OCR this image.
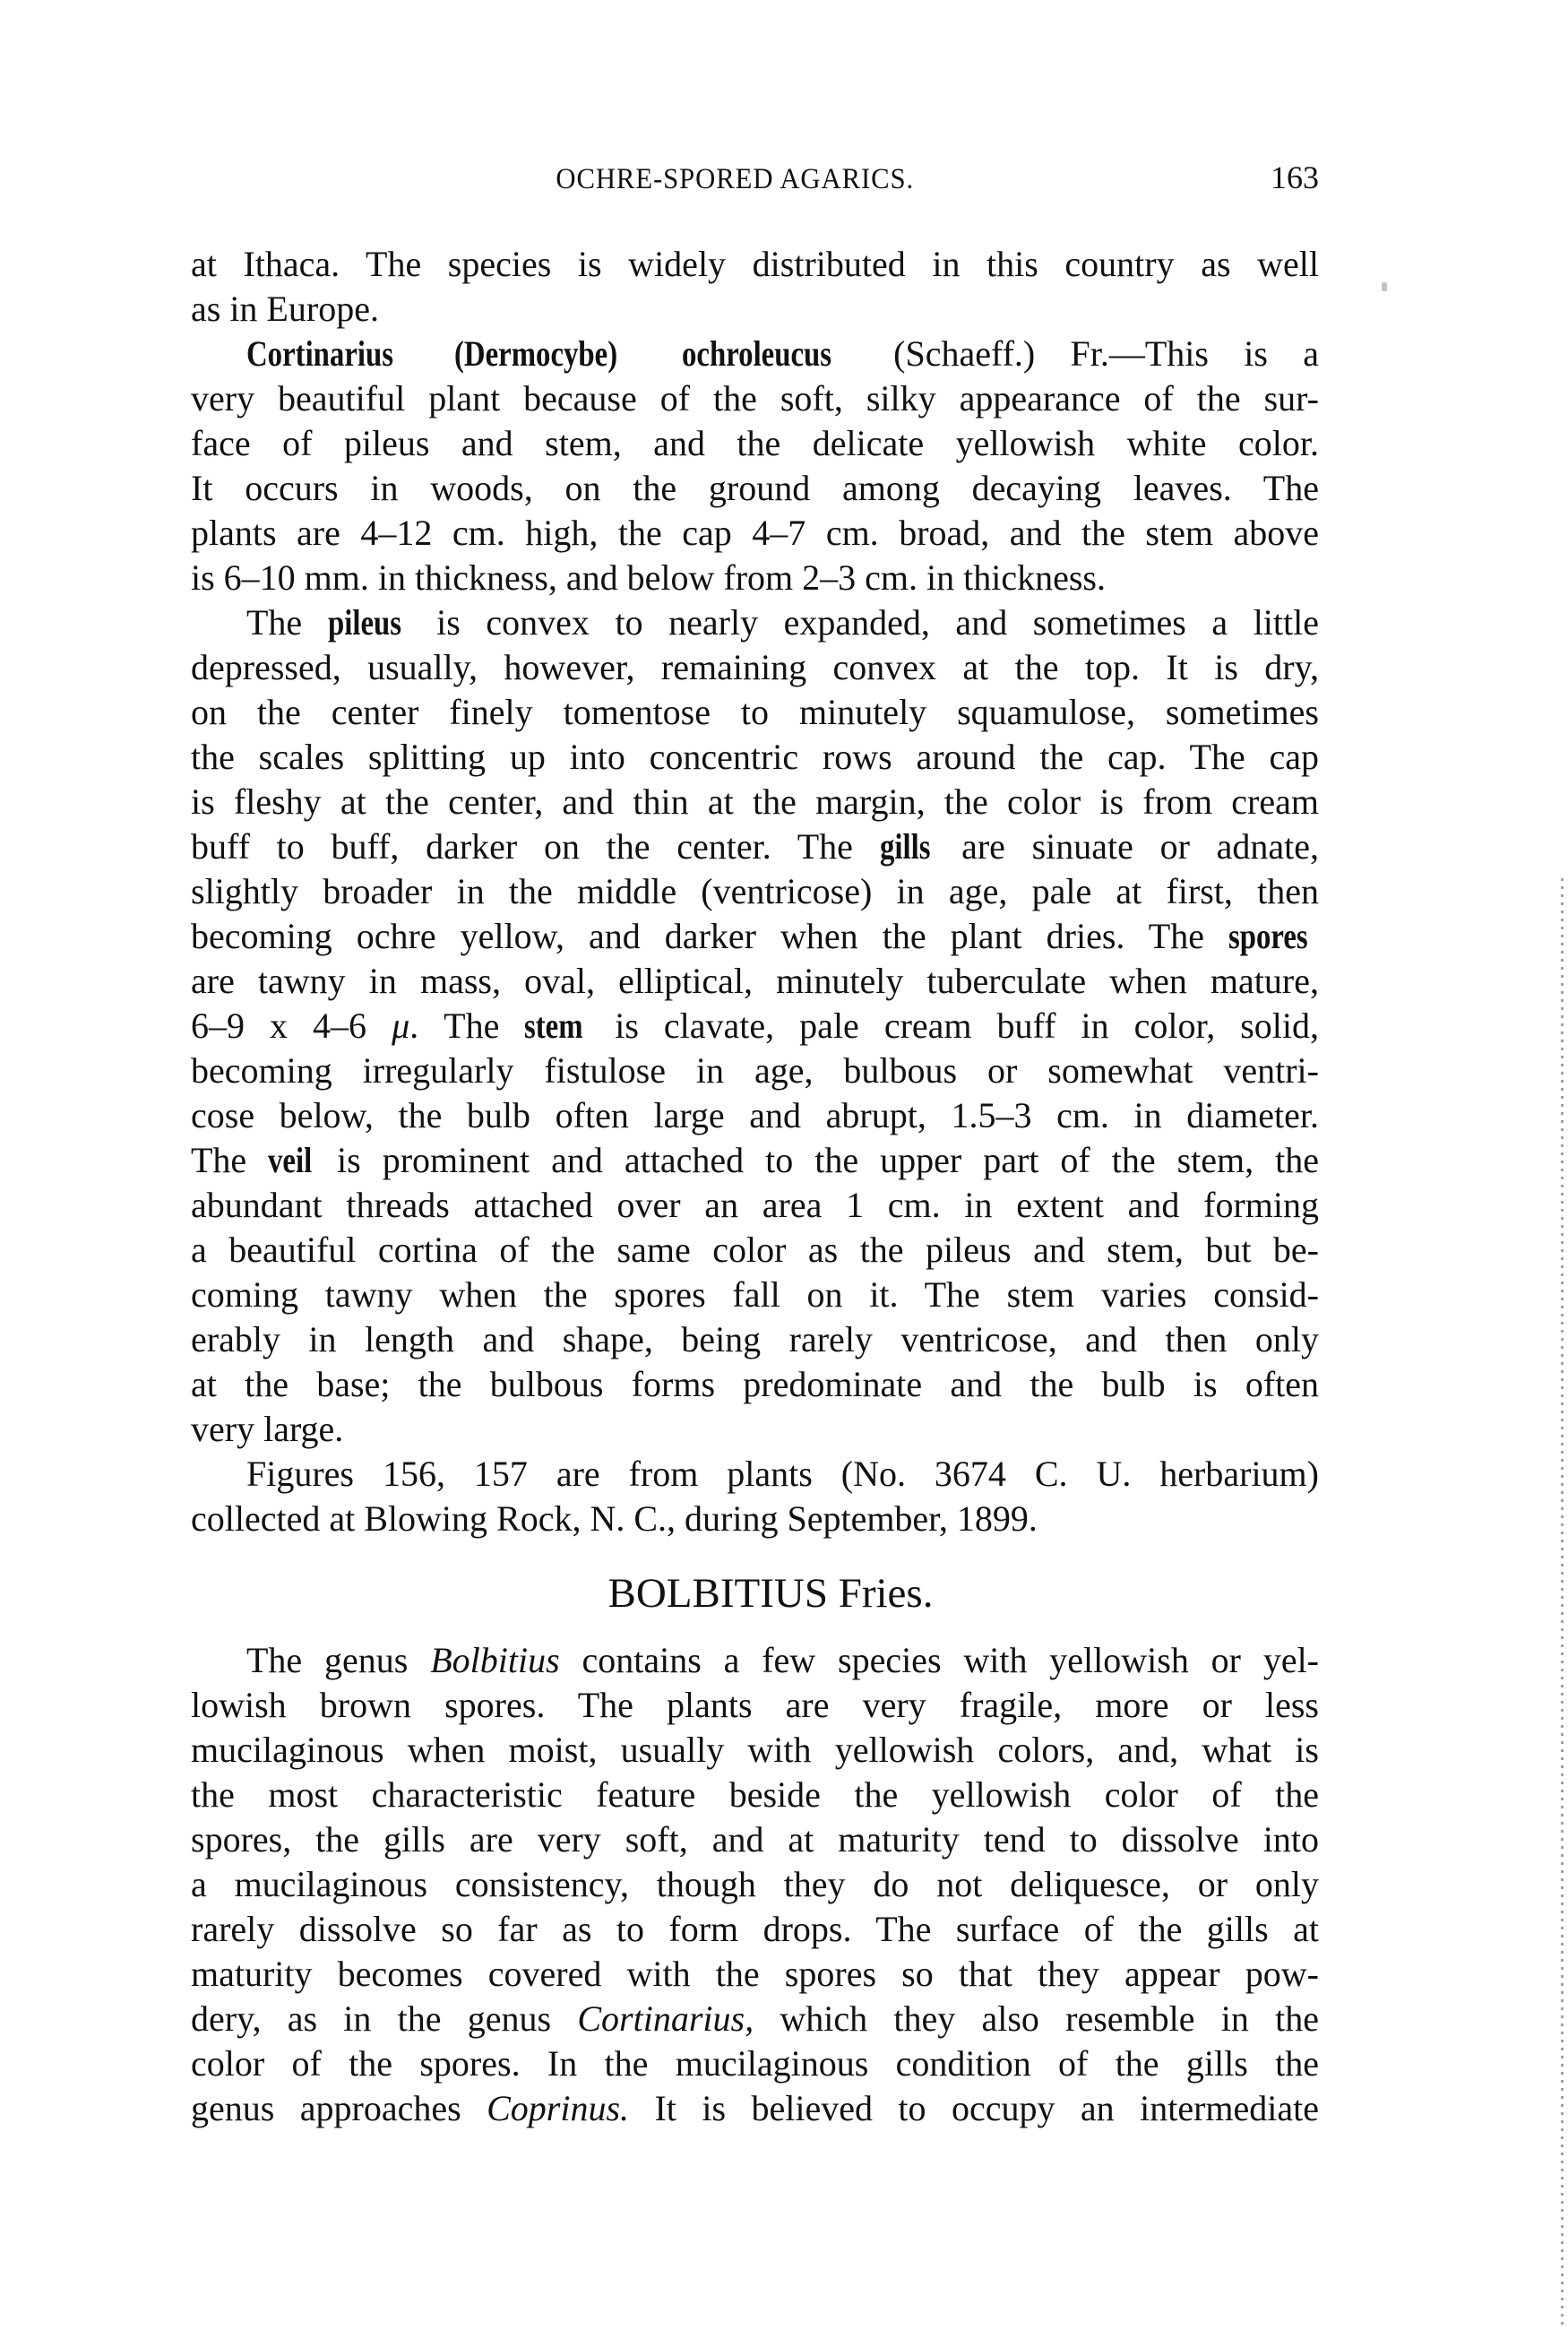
OCHRE-SPORED AGARICS.	163
at Ithaca. The species is widely distributed in this country as well
as in Europe.
Cortinarius (Dermocybe) ochroleucus (Schaeff.) Fr.—This is a
very beautiful plant because of the soft, silky appearance of the sur-
face of pileus and stem, and the delicate yellowish white color.
It occurs in woods, on the ground among decaying leaves. The
plants are 4–12 cm. high, the cap 4–7 cm. broad, and the stem above
is 6–10 mm. in thickness, and below from 2–3 cm. in thickness.
The pileus is convex to nearly expanded, and sometimes a little
depressed, usually, however, remaining convex at the top. It is dry,
on the center finely tomentose to minutely squamulose, sometimes
the scales splitting up into concentric rows around the cap. The cap
is fleshy at the center, and thin at the margin, the color is from cream
buff to buff, darker on the center. The gills are sinuate or adnate,
slightly broader in the middle (ventricose) in age, pale at first, then
becoming ochre yellow, and darker when the plant dries. The spores
are tawny in mass, oval, elliptical, minutely tuberculate when mature,
6–9 x 4–6 μ. The stem is clavate, pale cream buff in color, solid,
becoming irregularly fistulose in age, bulbous or somewhat ventri-
cose below, the bulb often large and abrupt, 1.5–3 cm. in diameter.
The veil is prominent and attached to the upper part of the stem, the
abundant threads attached over an area 1 cm. in extent and forming
a beautiful cortina of the same color as the pileus and stem, but be-
coming tawny when the spores fall on it. The stem varies consid-
erably in length and shape, being rarely ventricose, and then only
at the base; the bulbous forms predominate and the bulb is often
very large.
Figures 156, 157 are from plants (No. 3674 C. U. herbarium)
collected at Blowing Rock, N. C., during September, 1899.
BOLBITIUS Fries.
The genus Bolbitius contains a few species with yellowish or yel-
lowish brown spores. The plants are very fragile, more or less
mucilaginous when moist, usually with yellowish colors, and, what is
the most characteristic feature beside the yellowish color of the
spores, the gills are very soft, and at maturity tend to dissolve into
a mucilaginous consistency, though they do not deliquesce, or only
rarely dissolve so far as to form drops. The surface of the gills at
maturity becomes covered with the spores so that they appear pow-
dery, as in the genus Cortinarius, which they also resemble in the
color of the spores. In the mucilaginous condition of the gills the
genus approaches Coprinus. It is believed to occupy an intermediate
